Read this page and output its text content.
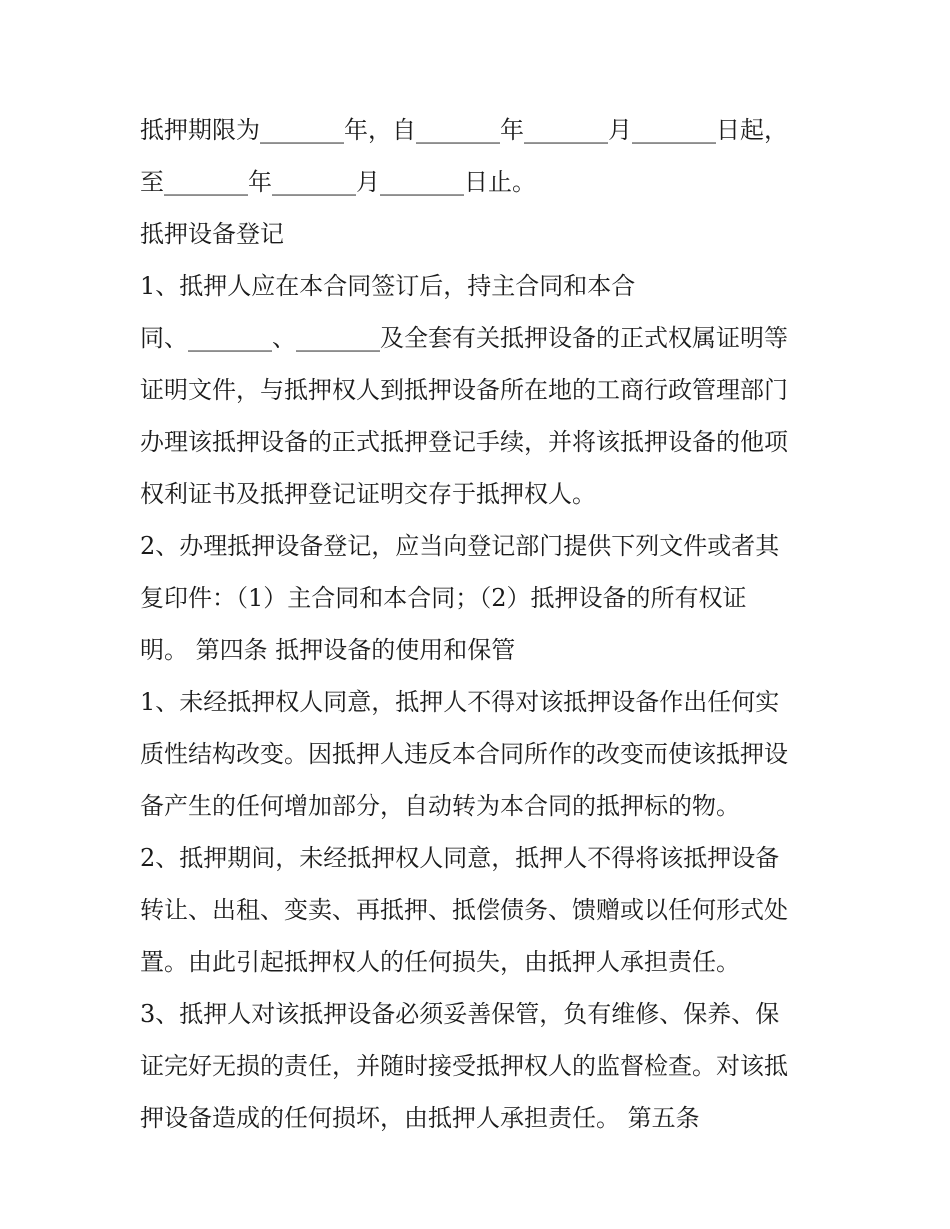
抵押期限为_______年，自_______年_______月_______日起，
至_______年_______月_______日止。
抵押设备登记
1、抵押人应在本合同签订后，持主合同和本合
同、_______、_______及全套有关抵押设备的正式权属证明等
证明文件，与抵押权人到抵押设备所在地的工商行政管理部门
办理该抵押设备的正式抵押登记手续，并将该抵押设备的他项
权利证书及抵押登记证明交存于抵押权人。
2、办理抵押设备登记，应当向登记部门提供下列文件或者其
复印件：（1）主合同和本合同；（2）抵押设备的所有权证
明。 第四条 抵押设备的使用和保管
1、未经抵押权人同意，抵押人不得对该抵押设备作出任何实
质性结构改变。因抵押人违反本合同所作的改变而使该抵押设
备产生的任何增加部分，自动转为本合同的抵押标的物。
2、抵押期间，未经抵押权人同意，抵押人不得将该抵押设备
转让、出租、变卖、再抵押、抵偿债务、馈赠或以任何形式处
置。由此引起抵押权人的任何损失，由抵押人承担责任。
3、抵押人对该抵押设备必须妥善保管，负有维修、保养、保
证完好无损的责任，并随时接受抵押权人的监督检查。对该抵
押设备造成的任何损坏，由抵押人承担责任。 第五条
